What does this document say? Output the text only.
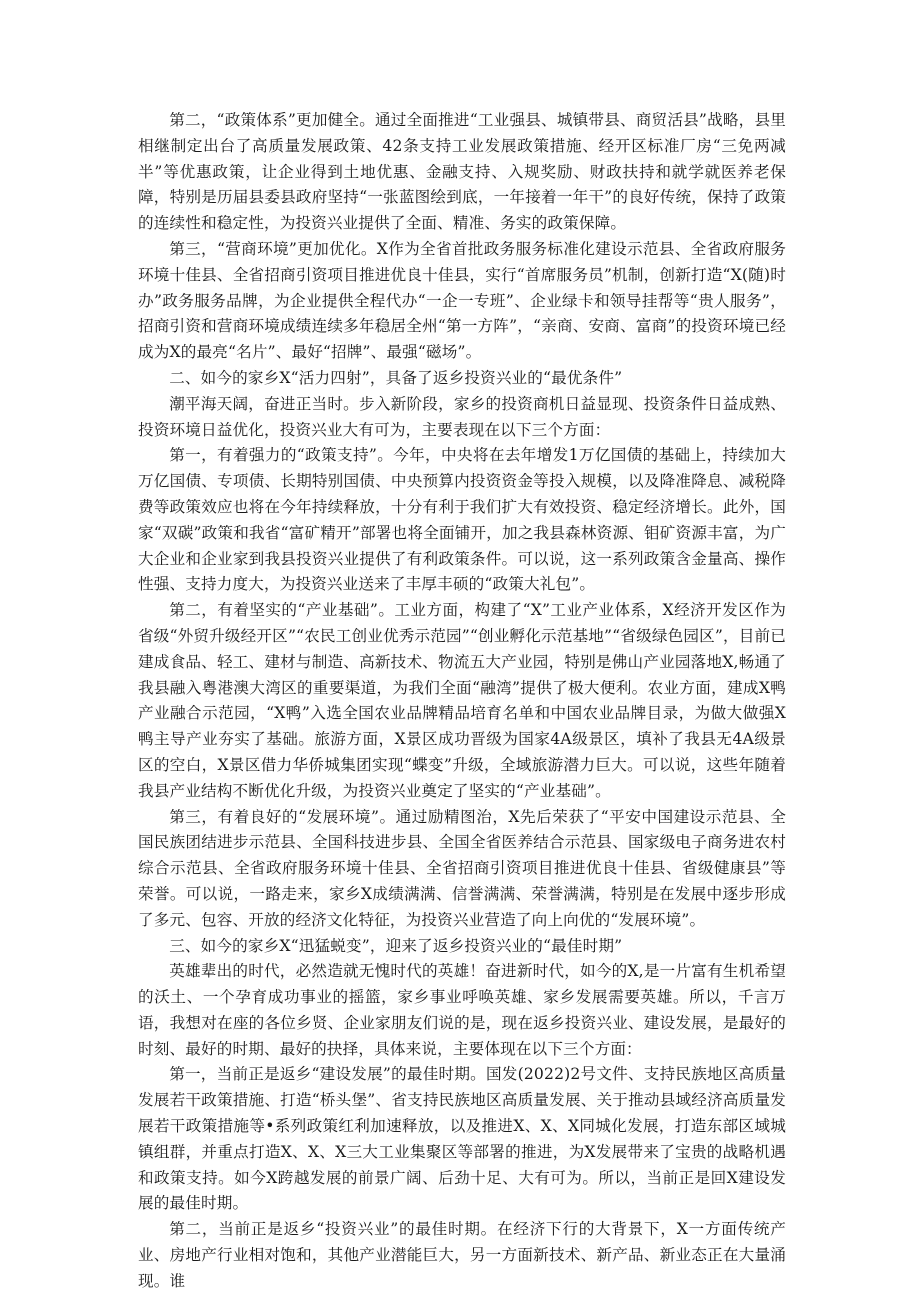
第二，“政策体系”更加健全。通过全面推进“工业强县、城镇带县、商贸活县”战略，县里相继制定出台了高质量发展政策、42条支持工业发展政策措施、经开区标准厂房“三免两减半”等优惠政策，让企业得到土地优惠、金融支持、入规奖励、财政扶持和就学就医养老保障，特别是历届县委县政府坚持“一张蓝图绘到底，一年接着一年干”的良好传统，保持了政策的连续性和稳定性，为投资兴业提供了全面、精准、务实的政策保障。

第三，“营商环境”更加优化。X作为全省首批政务服务标准化建设示范县、全省政府服务环境十佳县、全省招商引资项目推进优良十佳县，实行“首席服务员”机制，创新打造“X(随)时办”政务服务品牌，为企业提供全程代办“一企一专班”、企业绿卡和领导挂帮等“贵人服务”，招商引资和营商环境成绩连续多年稳居全州“第一方阵”，“亲商、安商、富商”的投资环境已经成为X的最亮“名片”、最好“招牌”、最强“磁场”。

二、如今的家乡X“活力四射”，具备了返乡投资兴业的“最优条件”

潮平海天阔，奋进正当时。步入新阶段，家乡的投资商机日益显现、投资条件日益成熟、投资环境日益优化，投资兴业大有可为，主要表现在以下三个方面：

第一，有着强力的“政策支持”。今年，中央将在去年增发1万亿国债的基础上，持续加大万亿国债、专项债、长期特别国债、中央预算内投资资金等投入规模，以及降准降息、减税降费等政策效应也将在今年持续释放，十分有利于我们扩大有效投资、稳定经济增长。此外，国家“双碳”政策和我省“富矿精开”部署也将全面铺开，加之我县森林资源、钼矿资源丰富，为广大企业和企业家到我县投资兴业提供了有利政策条件。可以说，这一系列政策含金量高、操作性强、支持力度大，为投资兴业送来了丰厚丰硕的“政策大礼包”。

第二，有着坚实的“产业基础”。工业方面，构建了“X”工业产业体系，X经济开发区作为省级“外贸升级经开区”“农民工创业优秀示范园”“创业孵化示范基地”“省级绿色园区”，目前已建成食品、轻工、建材与制造、高新技术、物流五大产业园，特别是佛山产业园落地X,畅通了我县融入粤港澳大湾区的重要渠道，为我们全面“融湾”提供了极大便利。农业方面，建成X鸭产业融合示范园，“X鸭”入选全国农业品牌精品培育名单和中国农业品牌目录，为做大做强X鸭主导产业夯实了基础。旅游方面，X景区成功晋级为国家4A级景区，填补了我县无4A级景区的空白，X景区借力华侨城集团实现“蝶变”升级，全域旅游潜力巨大。可以说，这些年随着我县产业结构不断优化升级，为投资兴业奠定了坚实的“产业基础”。

第三，有着良好的“发展环境”。通过励精图治，X先后荣获了“平安中国建设示范县、全国民族团结进步示范县、全国科技进步县、全国全省医养结合示范县、国家级电子商务进农村综合示范县、全省政府服务环境十佳县、全省招商引资项目推进优良十佳县、省级健康县”等荣誉。可以说，一路走来，家乡X成绩满满、信誉满满、荣誉满满，特别是在发展中逐步形成了多元、包容、开放的经济文化特征，为投资兴业营造了向上向优的“发展环境”。

三、如今的家乡X“迅猛蜕变”，迎来了返乡投资兴业的“最佳时期”

英雄辈出的时代，必然造就无愧时代的英雄！奋进新时代，如今的X,是一片富有生机希望的沃土、一个孕育成功事业的摇篮，家乡事业呼唤英雄、家乡发展需要英雄。所以，千言万语，我想对在座的各位乡贤、企业家朋友们说的是，现在返乡投资兴业、建设发展，是最好的时刻、最好的时期、最好的抉择，具体来说，主要体现在以下三个方面：

第一，当前正是返乡“建设发展”的最佳时期。国发(2022)2号文件、支持民族地区高质量发展若干政策措施、打造“桥头堡”、省支持民族地区高质量发展、关于推动县域经济高质量发展若干政策措施等•系列政策红利加速释放，以及推进X、X、X同城化发展，打造东部区域城镇组群，并重点打造X、X、X三大工业集聚区等部署的推进，为X发展带来了宝贵的战略机遇和政策支持。如今X跨越发展的前景广阔、后劲十足、大有可为。所以，当前正是回X建设发展的最佳时期。

第二，当前正是返乡“投资兴业”的最佳时期。在经济下行的大背景下，X一方面传统产业、房地产行业相对饱和，其他产业潜能巨大，另一方面新技术、新产品、新业态正在大量涌现。谁
